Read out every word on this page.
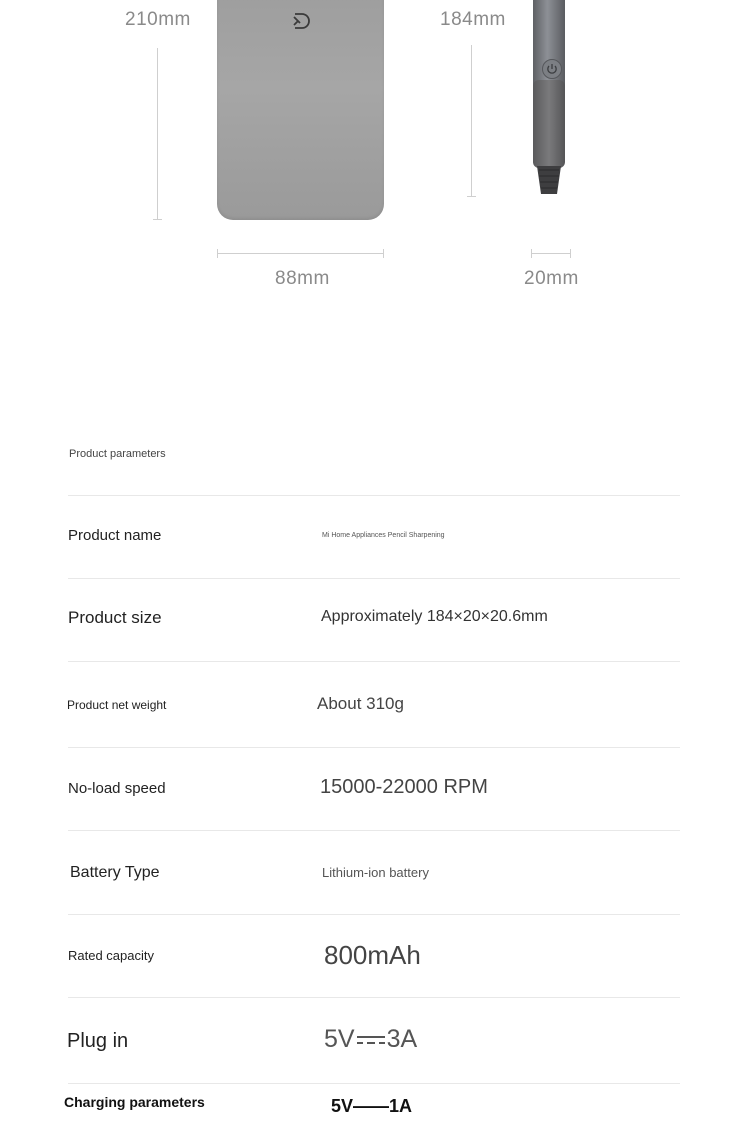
210mm
88mm
184mm
20mm
Product parameters
Product name	Mi Home Appliances Pencil Sharpening
Product size	Approximately 184×20×20.6mm
Product net weight	About 310g
No-load speed	15000-22000 RPM
Battery Type	Lithium-ion battery
Rated capacity	800mAh
Plug in	5V 3A
Charging parameters	5V——1A
